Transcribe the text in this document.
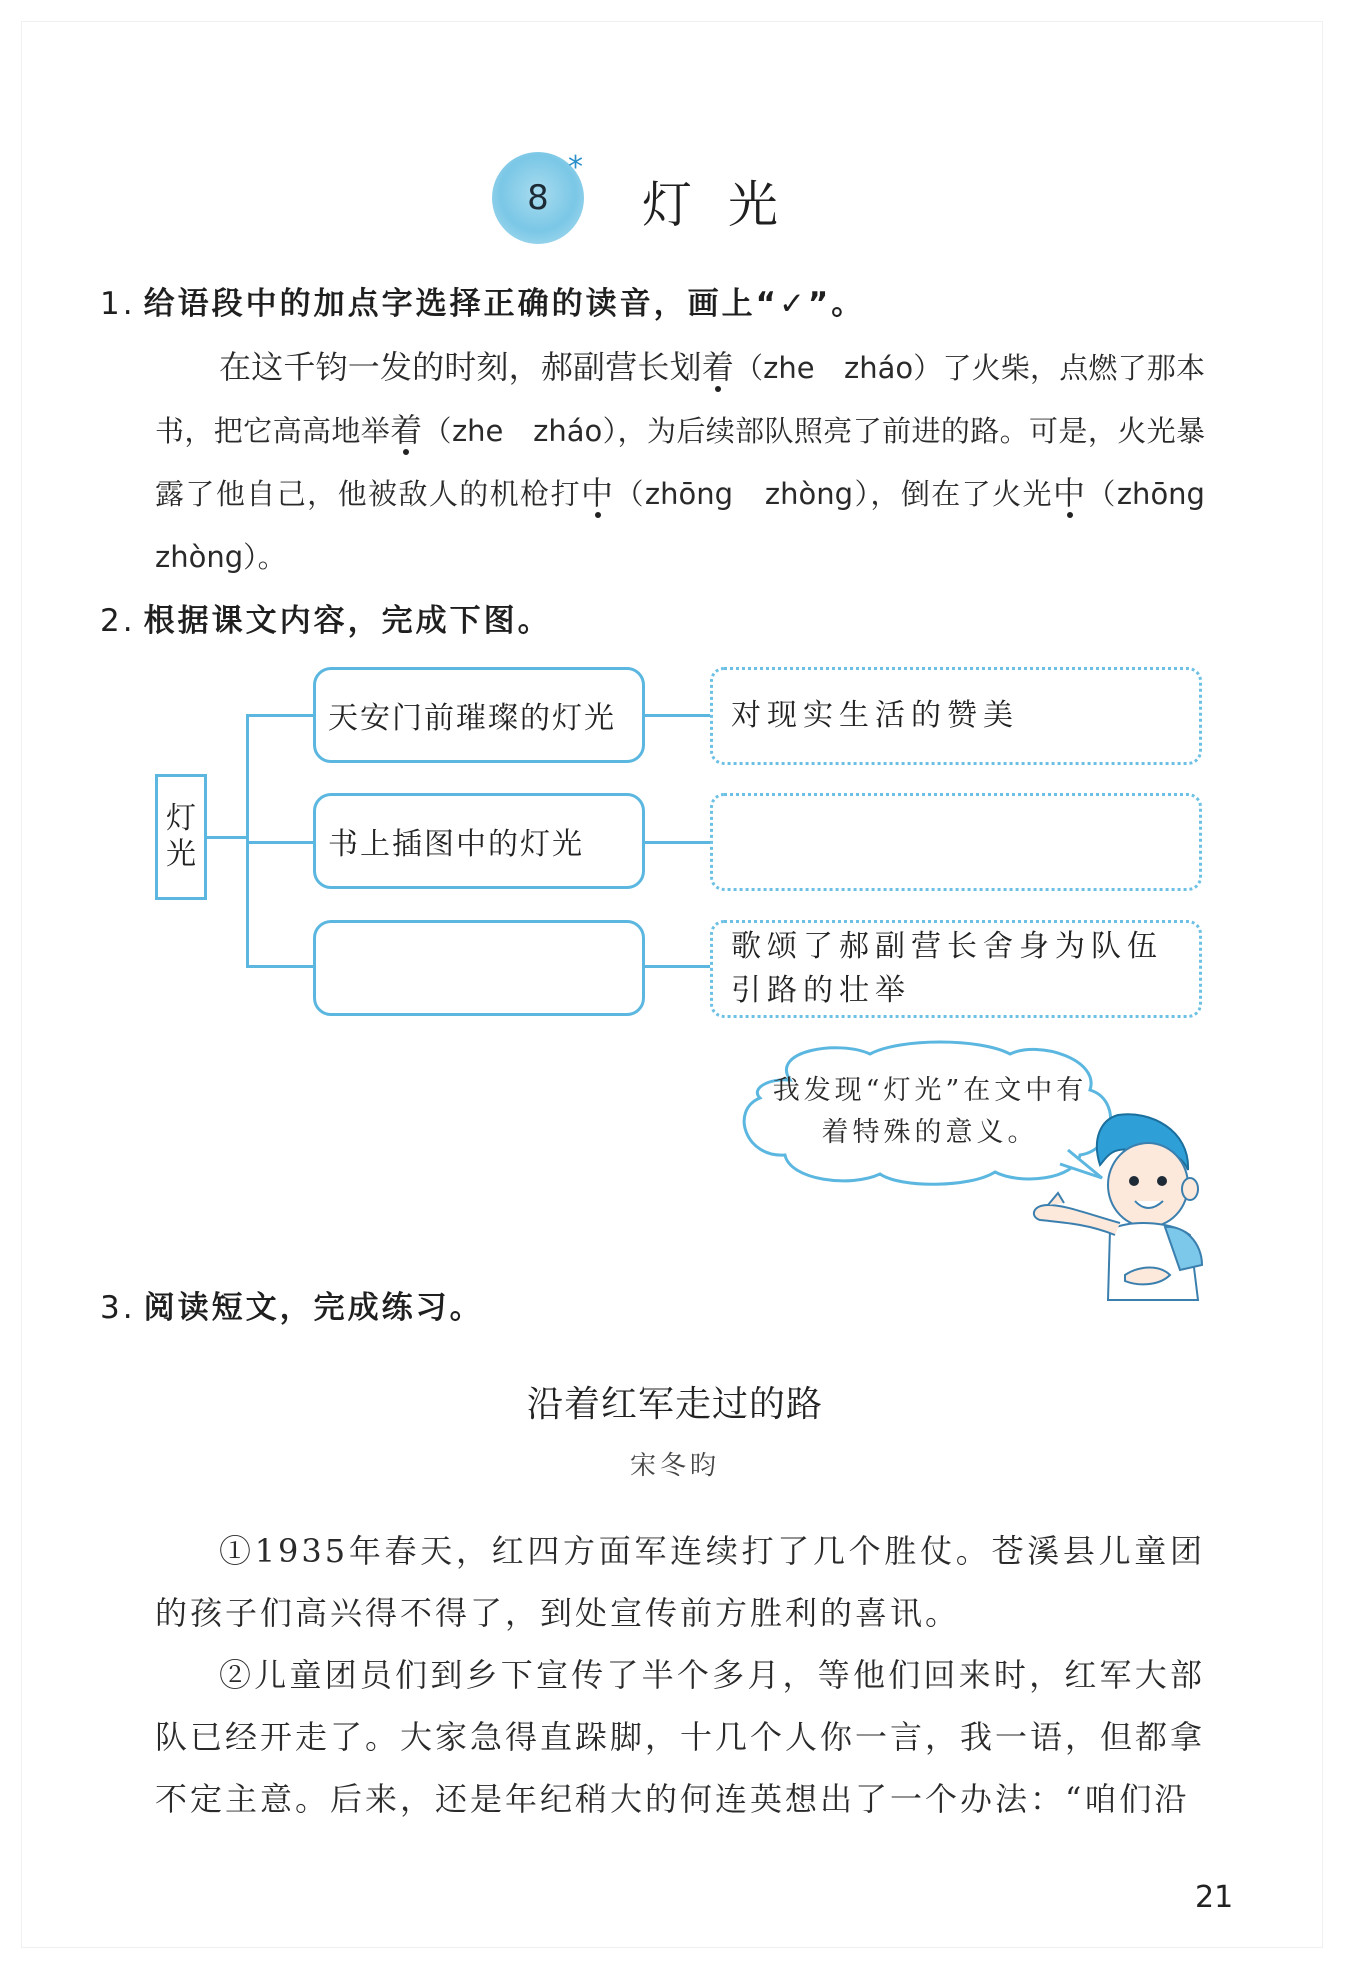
8
*
灯光
1. 给语段中的加点字选择正确的读音，画上“✓”。
在这千钧一发的时刻，郝副营长划着（zhe　zháo）了火柴，点燃了那本书，把它高高地举着（zhe　zháo），为后续部队照亮了前进的路。可是，火光暴露了他自己，他被敌人的机枪打中（zhōng　zhòng），倒在了火光中（zhōng　zhòng）。
2. 根据课文内容，完成下图。
灯
光
天安门前璀璨的灯光
书上插图中的灯光
对现实生活的赞美
歌颂了郝副营长舍身为队伍引路的壮举
我发现“灯光”在文中有着特殊的意义。
3. 阅读短文，完成练习。
沿着红军走过的路
宋冬昀
①1935年春天，红四方面军连续打了几个胜仗。苍溪县儿童团的孩子们高兴得不得了，到处宣传前方胜利的喜讯。
②儿童团员们到乡下宣传了半个多月，等他们回来时，红军大部队已经开走了。大家急得直跺脚，十几个人你一言，我一语，但都拿不定主意。后来，还是年纪稍大的何连英想出了一个办法：“咱们沿
21
